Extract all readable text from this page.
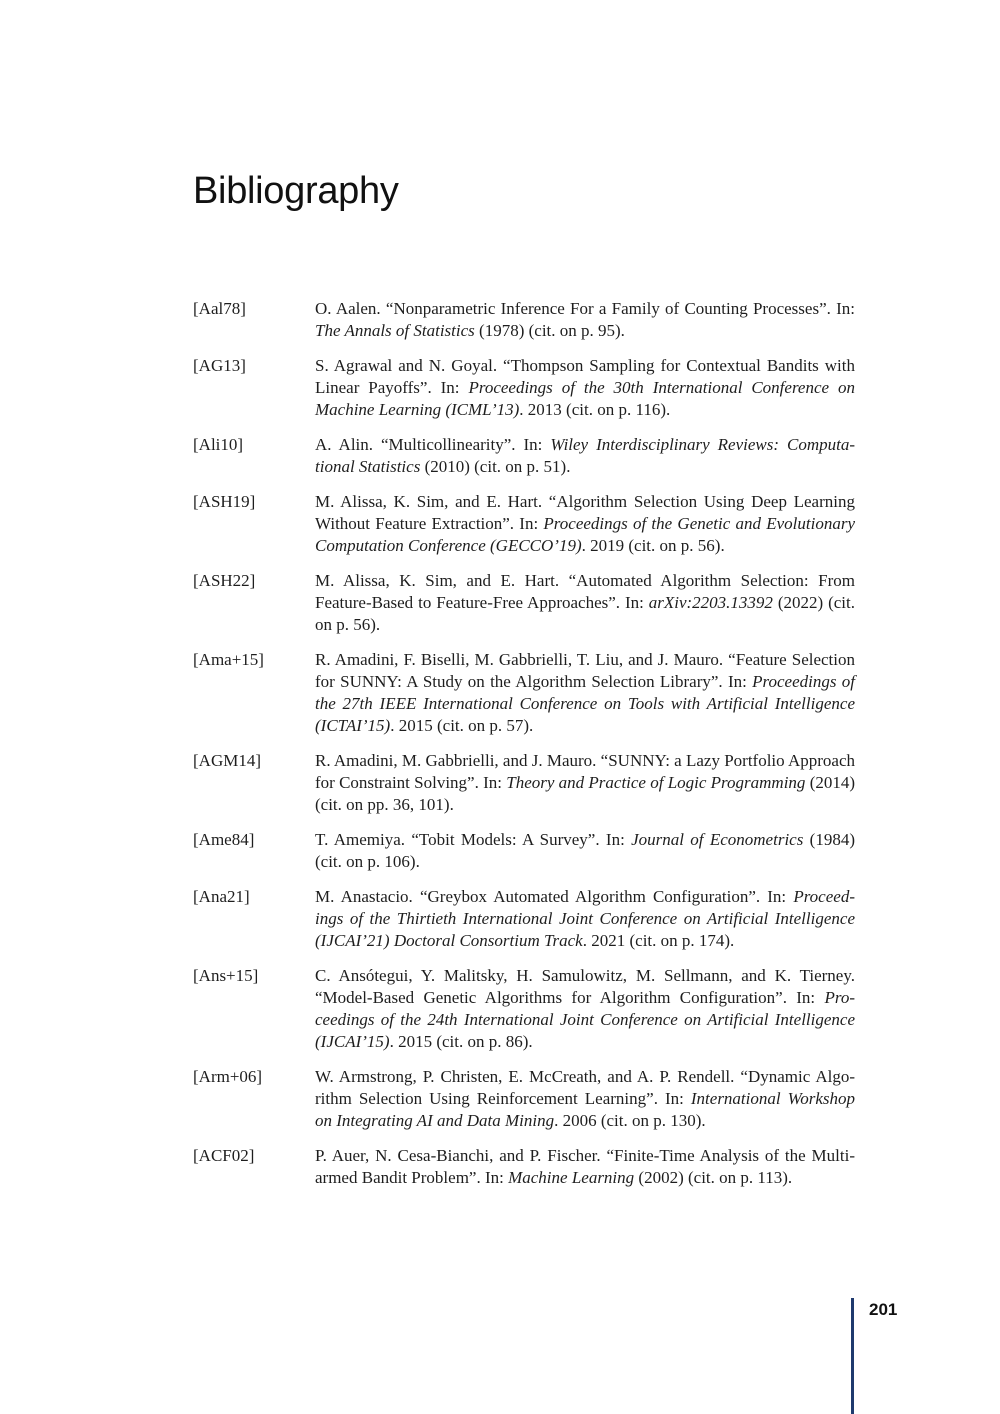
Bibliography
[Aal78]	O. Aalen. “Nonparametric Inference For a Family of Counting Processes”. In: The Annals of Statistics (1978) (cit. on p. 95).
[AG13]	S. Agrawal and N. Goyal. “Thompson Sampling for Contextual Bandits with Linear Payoffs”. In: Proceedings of the 30th International Conference on Machine Learning (ICML’13). 2013 (cit. on p. 116).
[Ali10]	A. Alin. “Multicollinearity”. In: Wiley Interdisciplinary Reviews: Computational Statistics (2010) (cit. on p. 51).
[ASH19]	M. Alissa, K. Sim, and E. Hart. “Algorithm Selection Using Deep Learning Without Feature Extraction”. In: Proceedings of the Genetic and Evolutionary Computation Conference (GECCO’19). 2019 (cit. on p. 56).
[ASH22]	M. Alissa, K. Sim, and E. Hart. “Automated Algorithm Selection: From Feature-Based to Feature-Free Approaches”. In: arXiv:2203.13392 (2022) (cit. on p. 56).
[Ama+15]	R. Amadini, F. Biselli, M. Gabbrielli, T. Liu, and J. Mauro. “Feature Selection for SUNNY: A Study on the Algorithm Selection Library”. In: Proceedings of the 27th IEEE International Conference on Tools with Artificial Intelligence (ICTAI’15). 2015 (cit. on p. 57).
[AGM14]	R. Amadini, M. Gabbrielli, and J. Mauro. “SUNNY: a Lazy Portfolio Approach for Constraint Solving”. In: Theory and Practice of Logic Programming (2014) (cit. on pp. 36, 101).
[Ame84]	T. Amemiya. “Tobit Models: A Survey”. In: Journal of Econometrics (1984) (cit. on p. 106).
[Ana21]	M. Anastacio. “Greybox Automated Algorithm Configuration”. In: Proceedings of the Thirtieth International Joint Conference on Artificial Intelligence (IJCAI’21) Doctoral Consortium Track. 2021 (cit. on p. 174).
[Ans+15]	C. Ansótegui, Y. Malitsky, H. Samulowitz, M. Sellmann, and K. Tierney. “Model-Based Genetic Algorithms for Algorithm Configuration”. In: Proceedings of the 24th International Joint Conference on Artificial Intelligence (IJCAI’15). 2015 (cit. on p. 86).
[Arm+06]	W. Armstrong, P. Christen, E. McCreath, and A. P. Rendell. “Dynamic Algorithm Selection Using Reinforcement Learning”. In: International Workshop on Integrating AI and Data Mining. 2006 (cit. on p. 130).
[ACF02]	P. Auer, N. Cesa-Bianchi, and P. Fischer. “Finite-Time Analysis of the Multiarmed Bandit Problem”. In: Machine Learning (2002) (cit. on p. 113).
201
